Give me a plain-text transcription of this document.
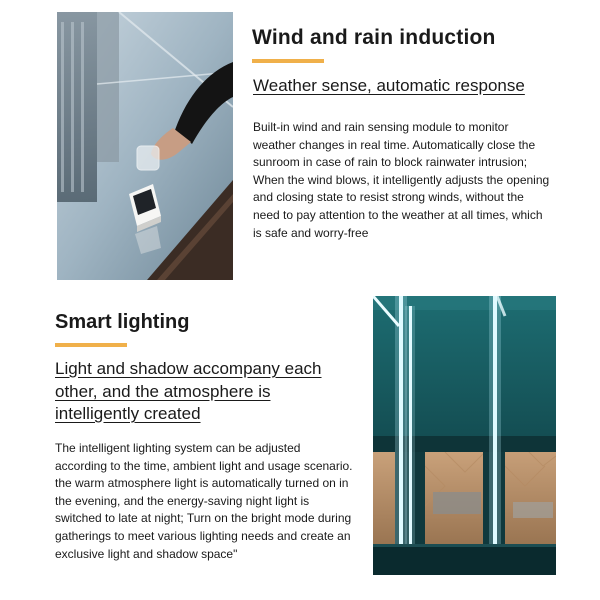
Wind and rain induction
Weather sense, automatic response

Built-in wind and rain sensing module to monitor weather changes in real time. Automatically close the sunroom in case of rain to block rainwater intrusion; When the wind blows, it intelligently adjusts the opening and closing state to resist strong winds, without the need to pay attention to the weather at all times, which is safe and worry-free

Smart lighting
Light and shadow accompany each other, and the atmosphere is intelligently created

The intelligent lighting system can be adjusted according to the time, ambient light and usage scenario. the warm atmosphere light is automatically turned on in the evening, and the energy-saving night light is switched to late at night; Turn on the bright mode during gatherings to meet various lighting needs and create an exclusive light and shadow space"
